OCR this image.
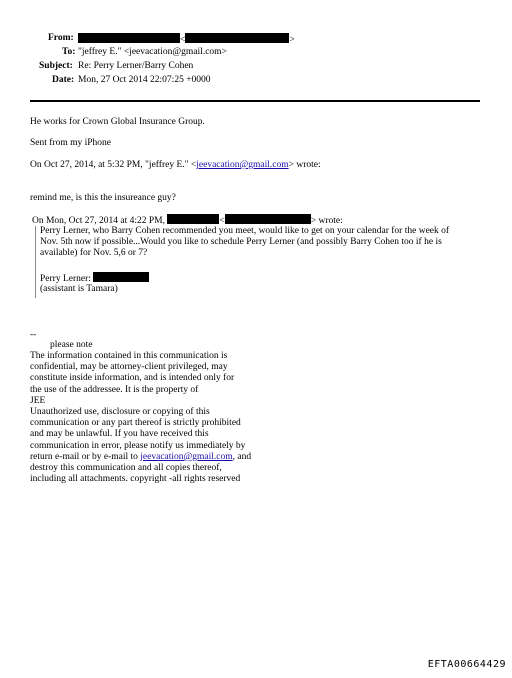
From:	<	>
To: "jeffrey E." <jeevacation@gmail.com>
Subject: Re: Perry Lerner/Barry Cohen
Date: Mon, 27 Oct 2014 22:07:25 +0000
He works for Crown Global Insurance Group.
Sent from my iPhone
On Oct 27, 2014, at 5:32 PM, "jeffrey E." <jeevacation@gmail.com> wrote:
remind me, is this the insureance guy?
On Mon, Oct 27, 2014 at 4:22 PM,	<	> wrote:
Perry Lerner, who Barry Cohen recommended you meet, would like to get on your calendar for the week of
Nov. 5th now if possible...Would you like to schedule Perry Lerner (and possibly Barry Cohen too if he is
available) for Nov. 5,6 or 7?
Perry Lerner:
(assistant is Tamara)
--
please note
The information contained in this communication is
confidential, may be attorney-client privileged, may
constitute inside information, and is intended only for
the use of the addressee. It is the property of
JEE
Unauthorized use, disclosure or copying of this
communication or any part thereof is strictly prohibited
and may be unlawful. If you have received this
communication in error, please notify us immediately by
return e-mail or by e-mail to jeevacation@gmail.com, and
destroy this communication and all copies thereof,
including all attachments. copyright -all rights reserved
EFTA00664429
